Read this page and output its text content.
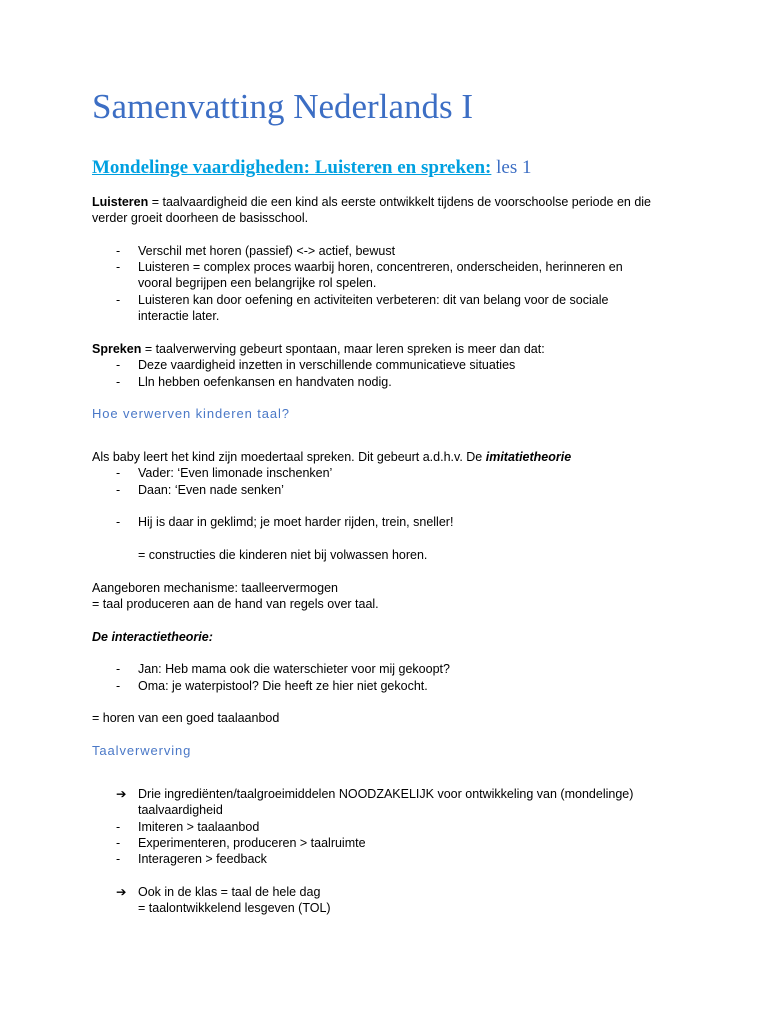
Samenvatting Nederlands I
Mondelinge vaardigheden: Luisteren en spreken: les 1

Luisteren = taalvaardigheid die een kind als eerste ontwikkelt tijdens de voorschoolse periode en die
verder groeit doorheen de basisschool.

-	Verschil met horen (passief) <-> actief, bewust
-	Luisteren = complex proces waarbij horen, concentreren, onderscheiden, herinneren en
vooral begrijpen een belangrijke rol spelen.
-	Luisteren kan door oefening en activiteiten verbeteren: dit van belang voor de sociale
interactie later.

Spreken = taalverwerving gebeurt spontaan, maar leren spreken is meer dan dat:

-	Deze vaardigheid inzetten in verschillende communicatieve situaties
-	Lln hebben oefenkansen en handvaten nodig.
Hoe verwerven kinderen taal?

Als baby leert het kind zijn moedertaal spreken. Dit gebeurt a.d.h.v. De imitatietheorie

-	Vader: ‘Even limonade inschenken’
-	Daan: ‘Even nade senken’
-	Hij is daar in geklimd; je moet harder rijden, trein, sneller!

= constructies die kinderen niet bij volwassen horen.

Aangeboren mechanisme: taalleervermogen
= taal produceren aan de hand van regels over taal.

De interactietheorie:

-	Jan: Heb mama ook die waterschieter voor mij gekoopt?
-	Oma: je waterpistool? Die heeft ze hier niet gekocht.

= horen van een goed taalaanbod

Taalverwerving
➔ Drie ingrediënten/taalgroeimiddelen NOODZAKELIJK voor ontwikkeling van (mondelinge)
taalvaardigheid
-	Imiteren > taalaanbod
-	Experimenteren, produceren > taalruimte
-	Interageren > feedback
➔ Ook in de klas = taal de hele dag
= taalontwikkelend lesgeven (TOL)
